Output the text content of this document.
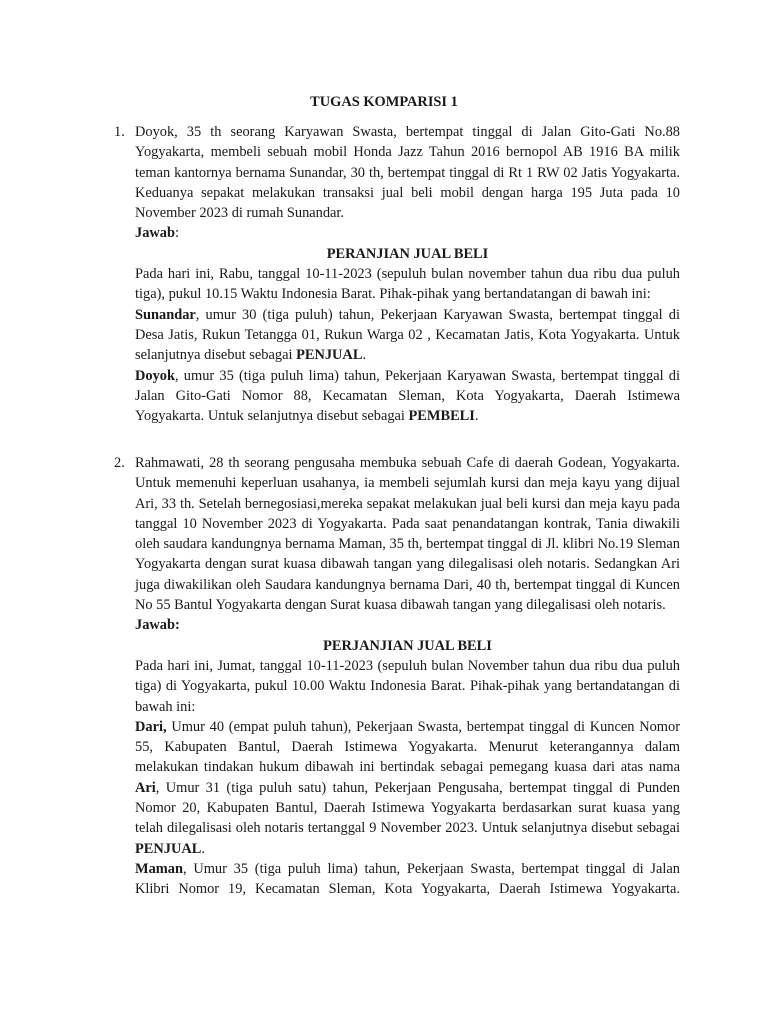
TUGAS KOMPARISI 1
1. Doyok, 35 th seorang Karyawan Swasta, bertempat tinggal di Jalan Gito-Gati No.88 Yogyakarta, membeli sebuah mobil Honda Jazz Tahun 2016 bernopol AB 1916 BA milik teman kantornya bernama Sunandar, 30 th, bertempat tinggal di Rt 1 RW 02 Jatis Yogyakarta. Keduanya sepakat melakukan transaksi jual beli mobil dengan harga 195 Juta pada 10 November 2023 di rumah Sunandar.

Jawab:

PERANJIAN JUAL BELI

Pada hari ini, Rabu, tanggal 10-11-2023 (sepuluh bulan november tahun dua ribu dua puluh tiga), pukul 10.15 Waktu Indonesia Barat. Pihak-pihak yang bertandatangan di bawah ini:

Sunandar, umur 30 (tiga puluh) tahun, Pekerjaan Karyawan Swasta, bertempat tinggal di Desa Jatis, Rukun Tetangga 01, Rukun Warga 02 , Kecamatan Jatis, Kota Yogyakarta. Untuk selanjutnya disebut sebagai PENJUAL.

Doyok, umur 35 (tiga puluh lima) tahun, Pekerjaan Karyawan Swasta, bertempat tinggal di Jalan Gito-Gati Nomor 88, Kecamatan Sleman, Kota Yogyakarta, Daerah Istimewa Yogyakarta. Untuk selanjutnya disebut sebagai PEMBELI.

2. Rahmawati, 28 th seorang pengusaha membuka sebuah Cafe di daerah Godean, Yogyakarta. Untuk memenuhi keperluan usahanya, ia membeli sejumlah kursi dan meja kayu yang dijual Ari, 33 th. Setelah bernegosiasi,mereka sepakat melakukan jual beli kursi dan meja kayu pada tanggal 10 November 2023 di Yogyakarta. Pada saat penandatangan kontrak, Tania diwakili oleh saudara kandungnya bernama Maman, 35 th, bertempat tinggal di Jl. klibri No.19 Sleman Yogyakarta dengan surat kuasa dibawah tangan yang dilegalisasi oleh notaris. Sedangkan Ari juga diwakilikan oleh Saudara kandungnya bernama Dari, 40 th, bertempat tinggal di Kuncen No 55 Bantul Yogyakarta dengan Surat kuasa dibawah tangan yang dilegalisasi oleh notaris.

Jawab:

PERJANJIAN JUAL BELI

Pada hari ini, Jumat, tanggal 10-11-2023 (sepuluh bulan November tahun dua ribu dua puluh tiga) di Yogyakarta, pukul 10.00 Waktu Indonesia Barat. Pihak-pihak yang bertandatangan di bawah ini:

Dari, Umur 40 (empat puluh tahun), Pekerjaan Swasta, bertempat tinggal di Kuncen Nomor 55, Kabupaten Bantul, Daerah Istimewa Yogyakarta. Menurut keterangannya dalam melakukan tindakan hukum dibawah ini bertindak sebagai pemegang kuasa dari atas nama Ari, Umur 31 (tiga puluh satu) tahun, Pekerjaan Pengusaha, bertempat tinggal di Punden Nomor 20, Kabupaten Bantul, Daerah Istimewa Yogyakarta berdasarkan surat kuasa yang telah dilegalisasi oleh notaris tertanggal 9 November 2023. Untuk selanjutnya disebut sebagai PENJUAL.

Maman, Umur 35 (tiga puluh lima) tahun, Pekerjaan Swasta, bertempat tinggal di Jalan Klibri Nomor 19, Kecamatan Sleman, Kota Yogyakarta, Daerah Istimewa Yogyakarta.
